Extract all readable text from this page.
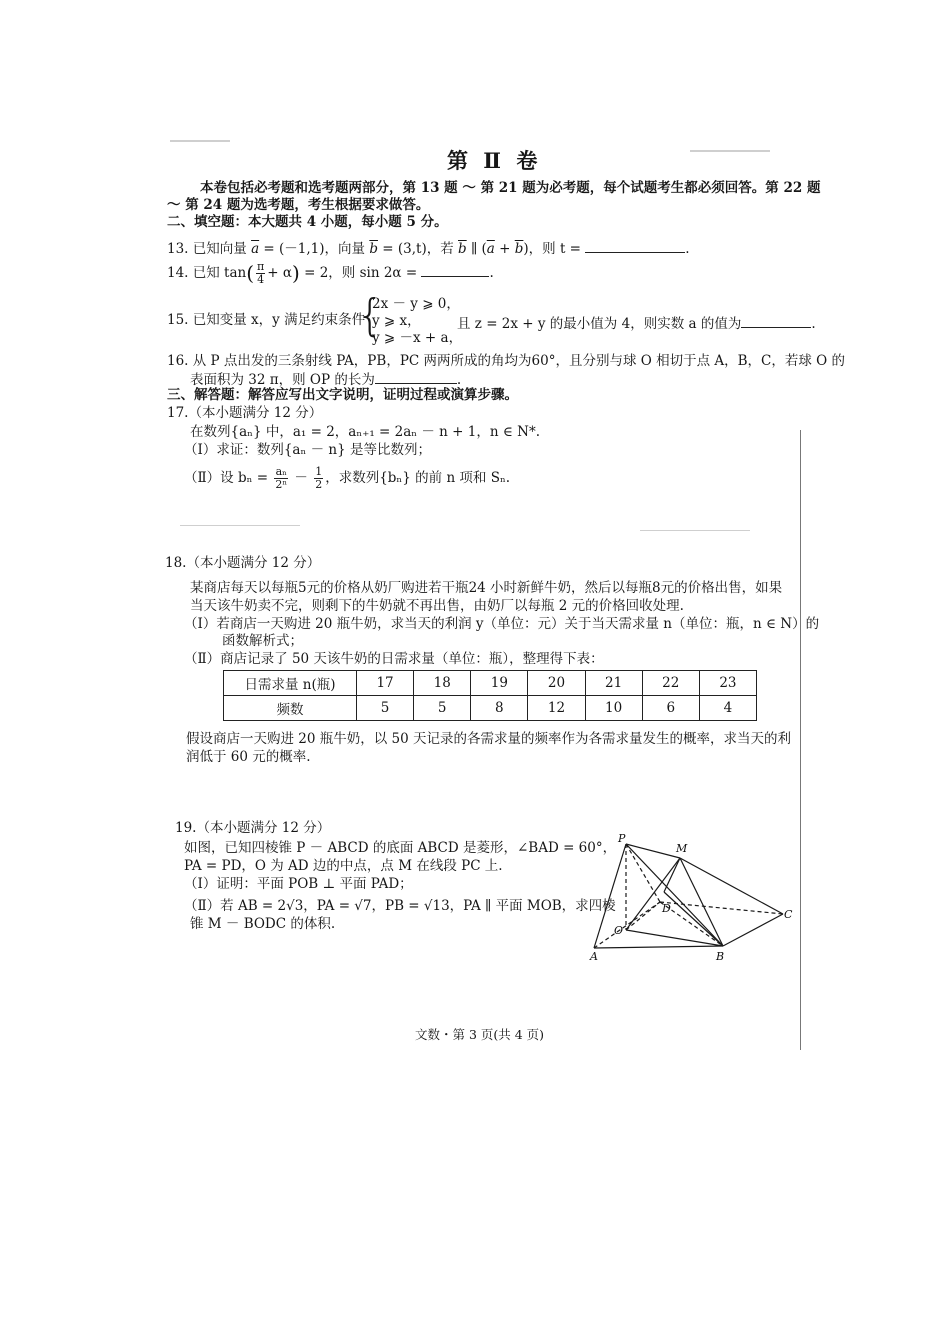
第 Ⅱ 卷
本卷包括必考题和选考题两部分，第 13 题 ～ 第 21 题为必考题，每个试题考生都必须回答。第 22 题
～ 第 24 题为选考题，考生根据要求做答。
二、填空题：本大题共 4 小题，每小题 5 分。
13. 已知向量 $\overline{a} = (-1,1)$，向量 $\overline{b} = (3,t)$，若 $\overline{b}$ ∥ $(\overline{a} + \overline{b})$，则 t =	.
14. 已知 $\tan( \frac{\pi}{4} + \alpha) = 2$，则 sin 2α =	.
15. 已知变量 x，y 满足约束条件
{
2x － y ⩾ 0，
y ⩾ x，
y ⩾ －x + a，
且 z = 2x + y 的最小值为 4，则实数 a 的值为	.
16. 从 P 点出发的三条射线 PA，PB，PC 两两所成的角均为60°，且分别与球 O 相切于点 A，B，C，若球 O 的
表面积为 32 π，则 OP 的长为	.
三、解答题：解答应写出文字说明，证明过程或演算步骤。
17.（本小题满分 12 分）
在数列{aₙ} 中，a₁ = 2，aₙ₊₁ = 2aₙ － n + 1，n ∈ N*.
（Ⅰ）求证：数列{aₙ － n} 是等比数列；
（Ⅱ）设 $b_n = \frac{\text{aₙ}}{\text{2ⁿ}} - \frac{1}{2}$ ，求数列{bₙ} 的前 n 项和 Sₙ.
18.（本小题满分 12 分）
某商店每天以每瓶5元的价格从奶厂购进若干瓶24 小时新鲜牛奶，然后以每瓶8元的价格出售，如果
当天该牛奶卖不完，则剩下的牛奶就不再出售，由奶厂以每瓶 2 元的价格回收处理.
（Ⅰ）若商店一天购进 20 瓶牛奶，求当天的利润 y（单位：元）关于当天需求量 n（单位：瓶，n ∈ N）的
函数解析式；
（Ⅱ）商店记录了 50 天该牛奶的日需求量（单位：瓶），整理得下表：
日需求量 n(瓶)	17	18	19	20	21	22	23
频数	5	5	8	12	10	6	4
假设商店一天购进 20 瓶牛奶，以 50 天记录的各需求量的频率作为各需求量发生的概率，求当天的利
润低于 60 元的概率.
19.（本小题满分 12 分）
如图，已知四棱锥 P － ABCD 的底面 ABCD 是菱形，∠BAD = 60°，
PA = PD，O 为 AD 边的中点，点 M 在线段 PC 上.
（Ⅰ）证明：平面 POB ⊥ 平面 PAD；
（Ⅱ）若 AB = 2√3，PA = √7，PB = √13，PA ∥ 平面 MOB，求四棱
锥 M － BODC 的体积.
P
M
D
O
C
A	B
文数・第 3 页(共 4 页)
